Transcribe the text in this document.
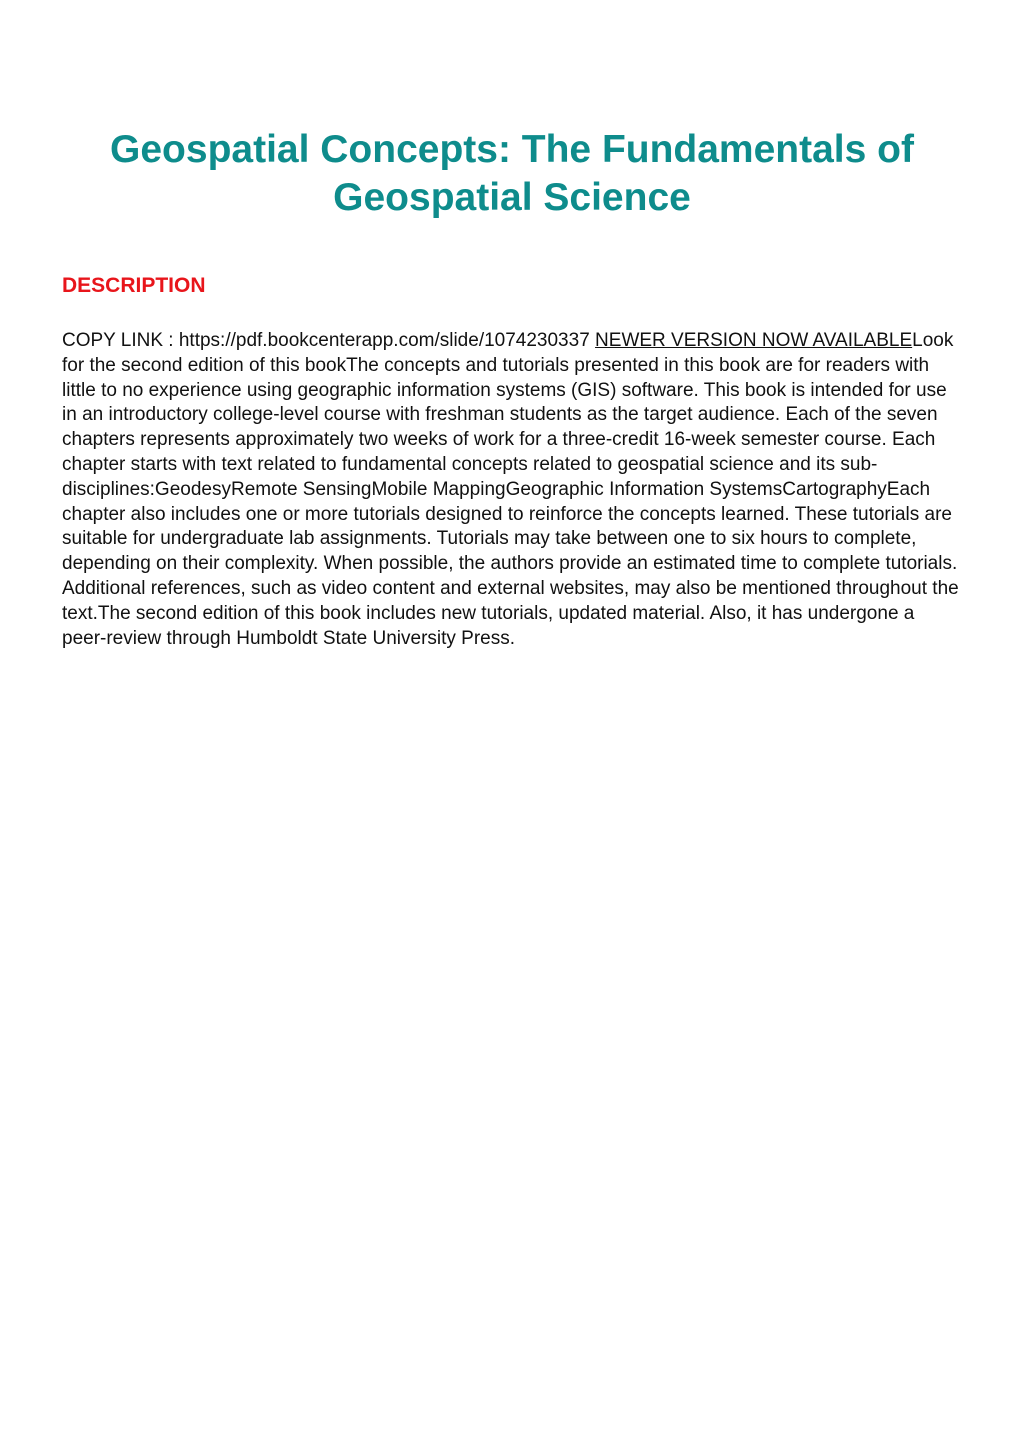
Geospatial Concepts: The Fundamentals of Geospatial Science
DESCRIPTION

COPY LINK : https://pdf.bookcenterapp.com/slide/1074230337 NEWER VERSION NOW AVAILABLELook for the second edition of this bookThe concepts and tutorials presented in this book are for readers with little to no experience using geographic information systems (GIS) software. This book is intended for use in an introductory college-level course with freshman students as the target audience. Each of the seven chapters represents approximately two weeks of work for a three-credit 16-week semester course. Each chapter starts with text related to fundamental concepts related to geospatial science and its sub-disciplines:GeodesyRemote SensingMobile MappingGeographic Information SystemsCartographyEach chapter also includes one or more tutorials designed to reinforce the concepts learned. These tutorials are suitable for undergraduate lab assignments. Tutorials may take between one to six hours to complete, depending on their complexity. When possible, the authors provide an estimated time to complete tutorials. Additional references, such as video content and external websites, may also be mentioned throughout the text.The second edition of this book includes new tutorials, updated material. Also, it has undergone a peer-review through Humboldt State University Press.
